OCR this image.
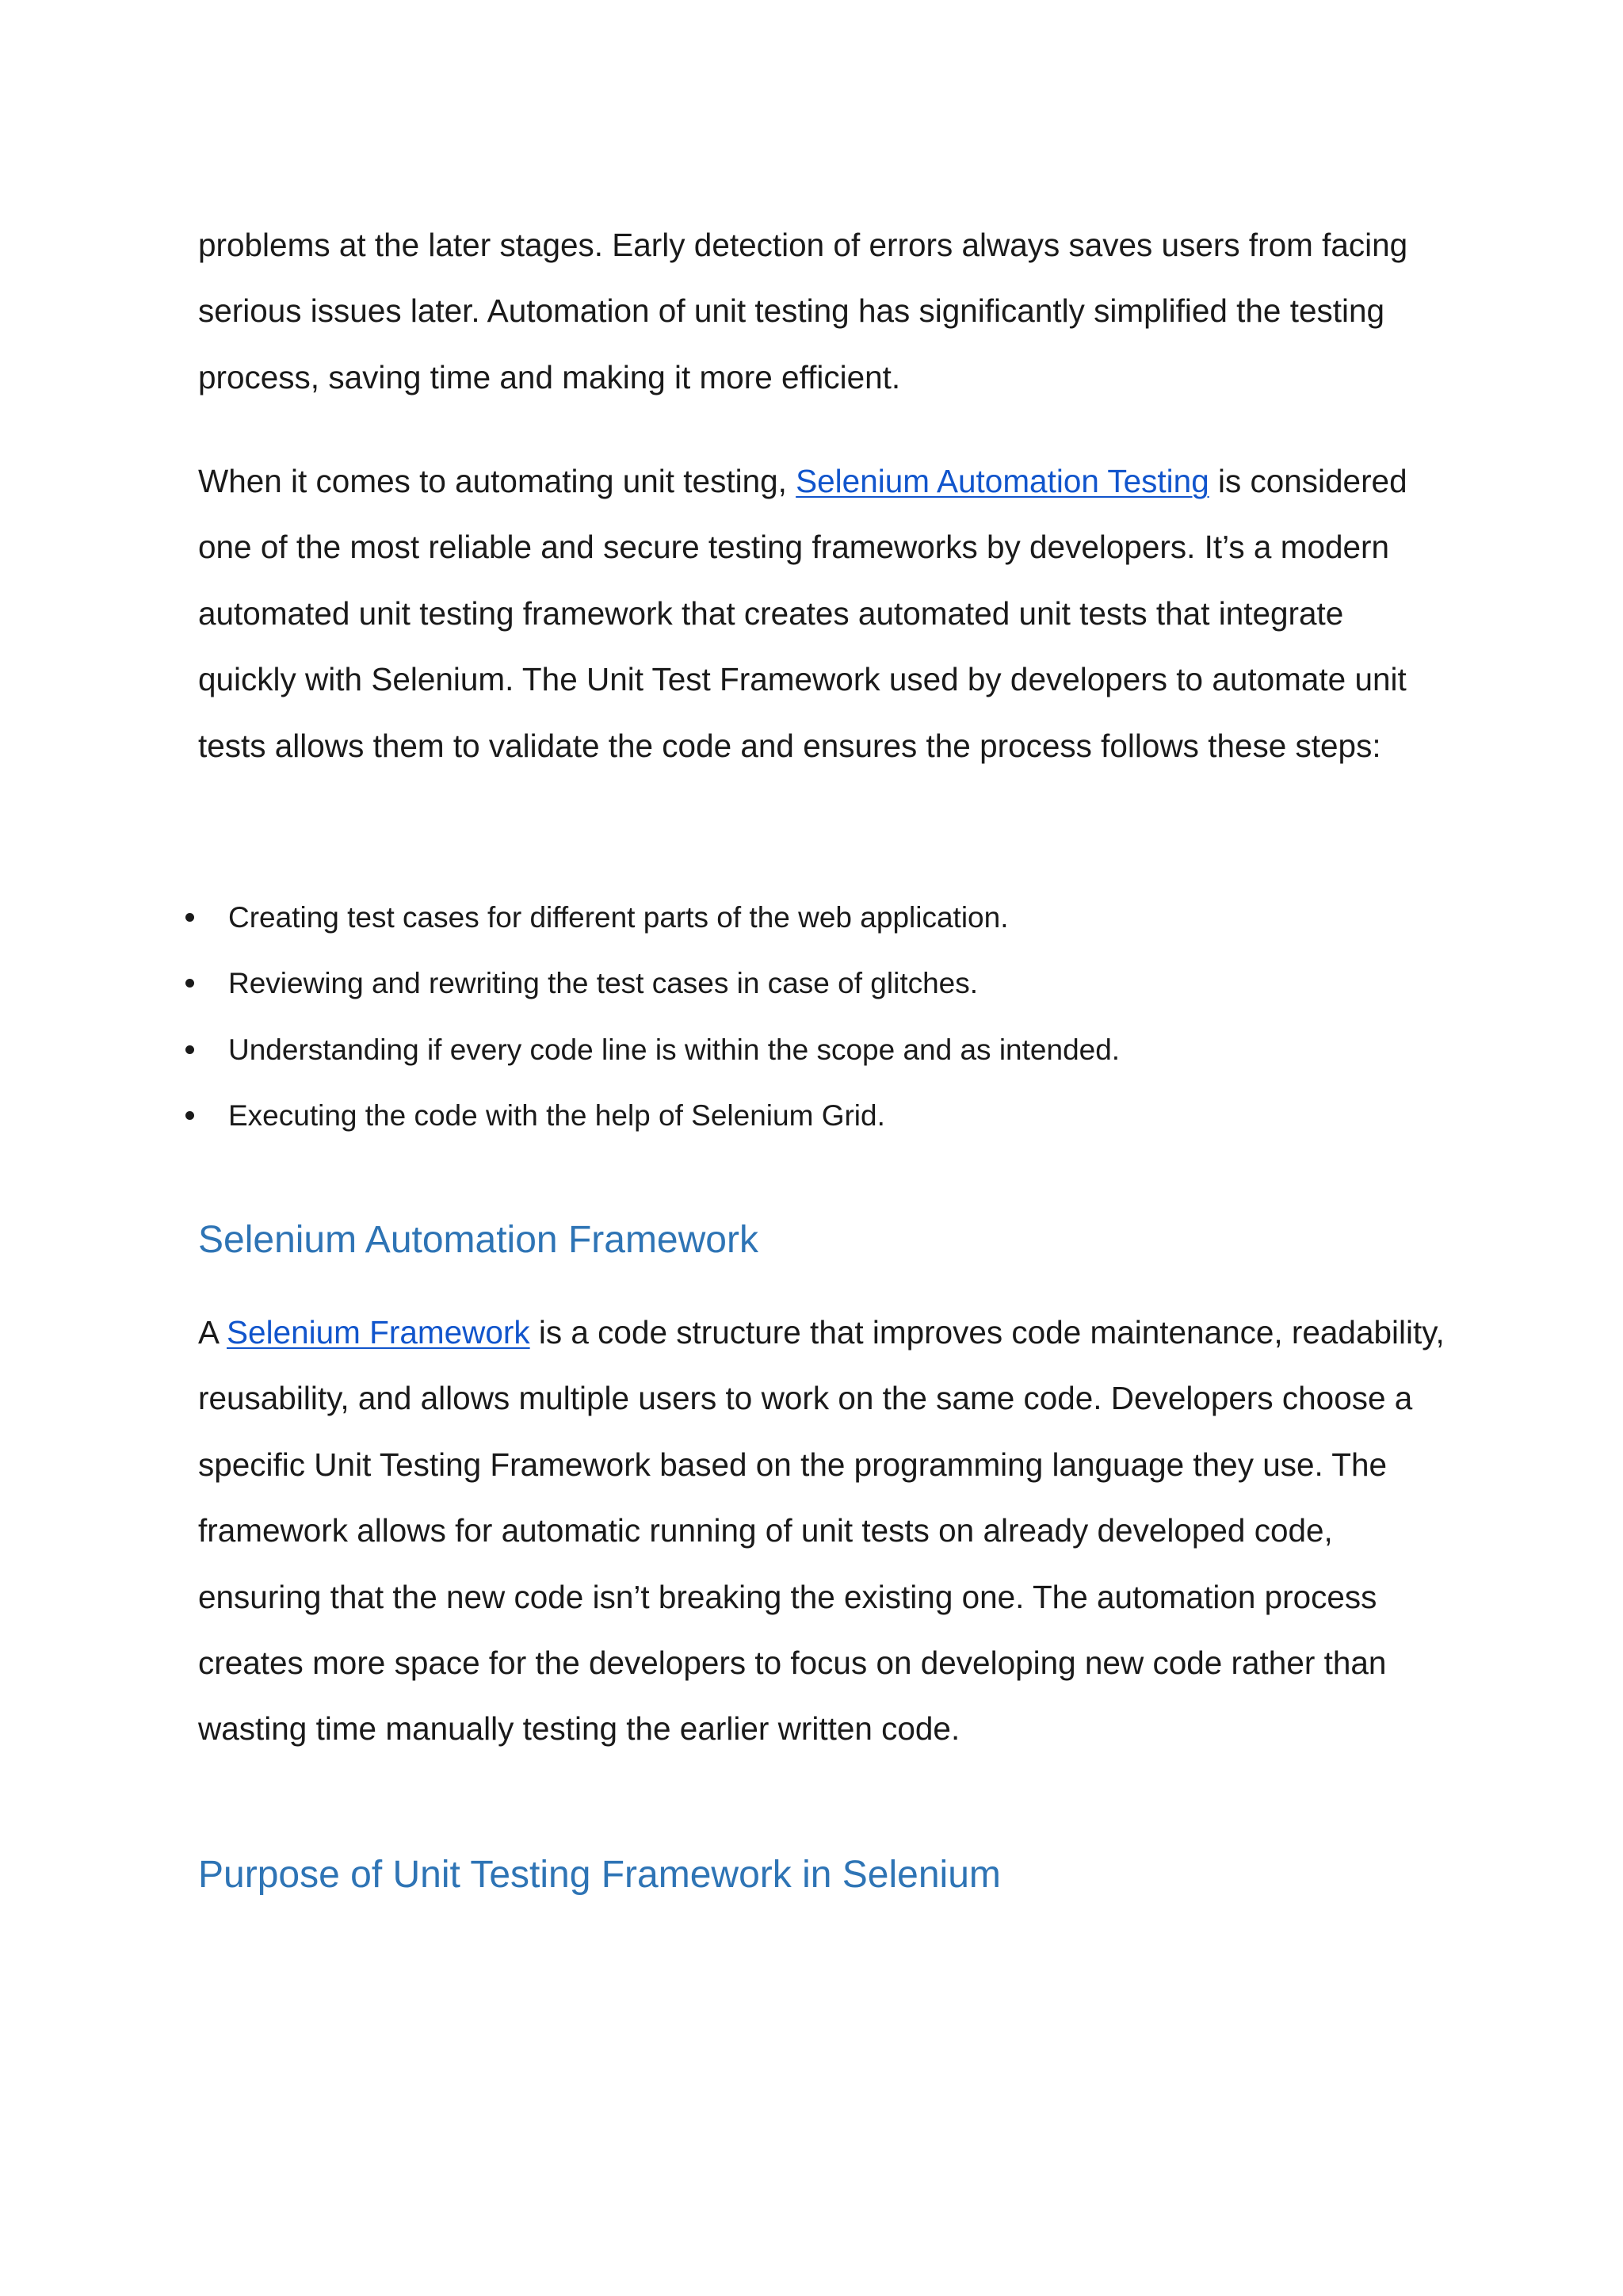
problems at the later stages. Early detection of errors always saves users from facing serious issues later. Automation of unit testing has significantly simplified the testing process, saving time and making it more efficient.

When it comes to automating unit testing, Selenium Automation Testing is considered one of the most reliable and secure testing frameworks by developers. It’s a modern automated unit testing framework that creates automated unit tests that integrate quickly with Selenium. The Unit Test Framework used by developers to automate unit tests allows them to validate the code and ensures the process follows these steps:

Creating test cases for different parts of the web application.
Reviewing and rewriting the test cases in case of glitches.
Understanding if every code line is within the scope and as intended.
Executing the code with the help of Selenium Grid.
Selenium Automation Framework

A Selenium Framework is a code structure that improves code maintenance, readability, reusability, and allows multiple users to work on the same code. Developers choose a specific Unit Testing Framework based on the programming language they use. The framework allows for automatic running of unit tests on already developed code, ensuring that the new code isn’t breaking the existing one. The automation process creates more space for the developers to focus on developing new code rather than wasting time manually testing the earlier written code.

Purpose of Unit Testing Framework in Selenium
